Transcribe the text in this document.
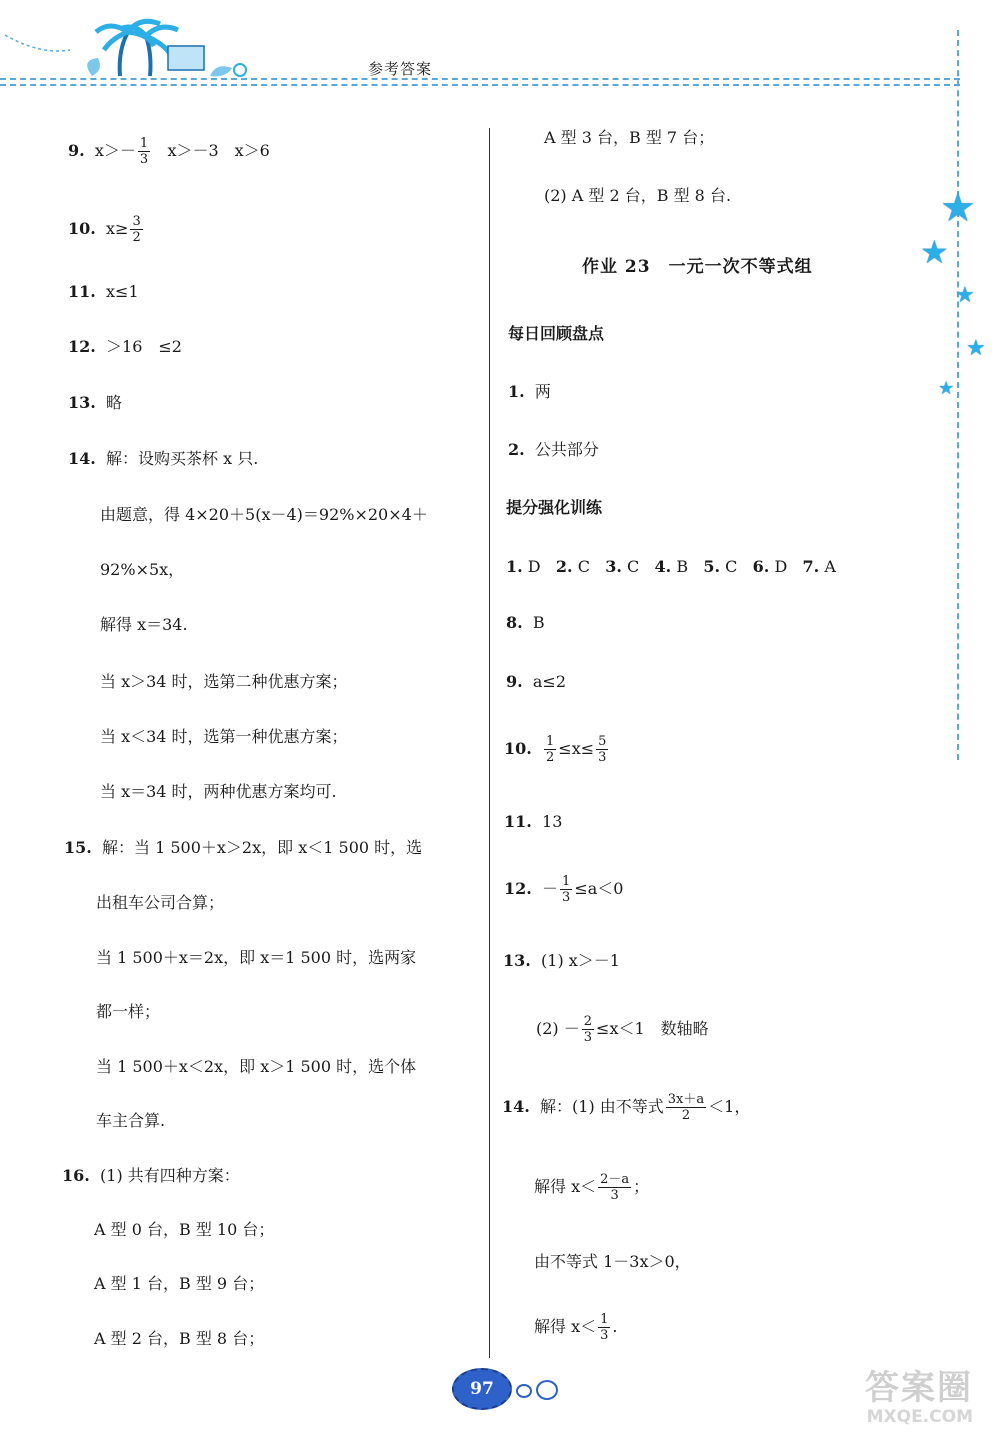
参考答案
★
★
★
★
★
9. $x>- \frac{1}{3} x>-3$　x＞6
10. $x\ge \frac{3}{2}$
11. x≤1
12. ＞16　≤2
13. 略
14. 解：设购买茶杯 x 只.
由题意，得 4×20＋5(x－4)＝92%×20×4＋
92%×5x，
解得 x＝34.
当 x＞34 时，选第二种优惠方案；
当 x＜34 时，选第一种优惠方案；
当 x＝34 时，两种优惠方案均可.
15. 解：当 1 500＋x＞2x，即 x＜1 500 时，选
出租车公司合算；
当 1 500＋x＝2x，即 x＝1 500 时，选两家
都一样；
当 1 500＋x＜2x，即 x＞1 500 时，选个体
车主合算.
16. (1) 共有四种方案：
A 型 0 台，B 型 10 台；
A 型 1 台，B 型 9 台；
A 型 2 台，B 型 8 台；
A 型 3 台，B 型 7 台；
(2) A 型 2 台，B 型 8 台.
作业 23　一元一次不等式组
每日回顾盘点
1. 两
2. 公共部分
提分强化训练
1. D 2. C 3. C 4. B 5. C 6. D 7. A
8. B
9. a≤2
10. $\frac{1}{2} \le x\le \frac{5}{3}$
11. 13
12. － $\frac{1}{3} \le a<0$
13. (1) x＞－1
$(2) - \frac{2}{3} \le x<1$　数轴略
14. 解：(1) 由不等式 $\frac{3x+a}{2} <1$，
解得 $x< \frac{2-a}{3}$ ；
由不等式 1－3x＞0，
解得 $x< \frac{1}{3}$ .
97	答案圈
MXQE.COM
